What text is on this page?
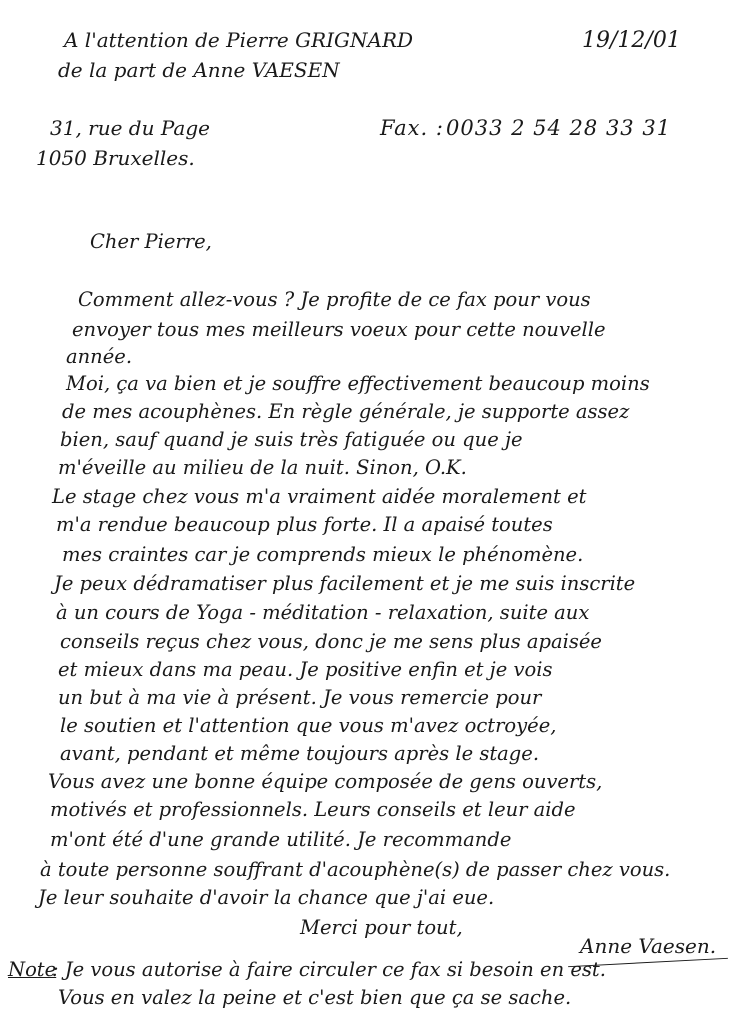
A l'attention de Pierre GRIGNARD
de la part de Anne VAESEN
19/12/01
31, rue du Page
1050 Bruxelles.
Fax. : 0033 2 54 28 33 31
Cher Pierre,
Comment allez-vous ? Je profite de ce fax pour vous
envoyer tous mes meilleurs voeux pour cette nouvelle
année.
Moi, ça va bien et je souffre effectivement beaucoup moins
de mes acouphènes. En règle générale, je supporte assez
bien, sauf quand je suis très fatiguée ou que je
m'éveille au milieu de la nuit. Sinon, O.K.
Le stage chez vous m'a vraiment aidée moralement et
m'a rendue beaucoup plus forte. Il a apaisé toutes
mes craintes car je comprends mieux le phénomène.
Je peux dédramatiser plus facilement et je me suis inscrite
à un cours de Yoga - méditation - relaxation, suite aux
conseils reçus chez vous, donc je me sens plus apaisée
et mieux dans ma peau. Je positive enfin et je vois
un but à ma vie à présent. Je vous remercie pour
le soutien et l'attention que vous m'avez octroyée,
avant, pendant et même toujours après le stage.
Vous avez une bonne équipe composée de gens ouverts,
motivés et professionnels. Leurs conseils et leur aide
m'ont été d'une grande utilité. Je recommande
à toute personne souffrant d'acouphène(s) de passer chez vous.
Je leur souhaite d'avoir la chance que j'ai eue.
Merci pour tout,
Anne Vaesen.
Note
: Je vous autorise à faire circuler ce fax si besoin en est.
Vous en valez la peine et c'est bien que ça se sache.
